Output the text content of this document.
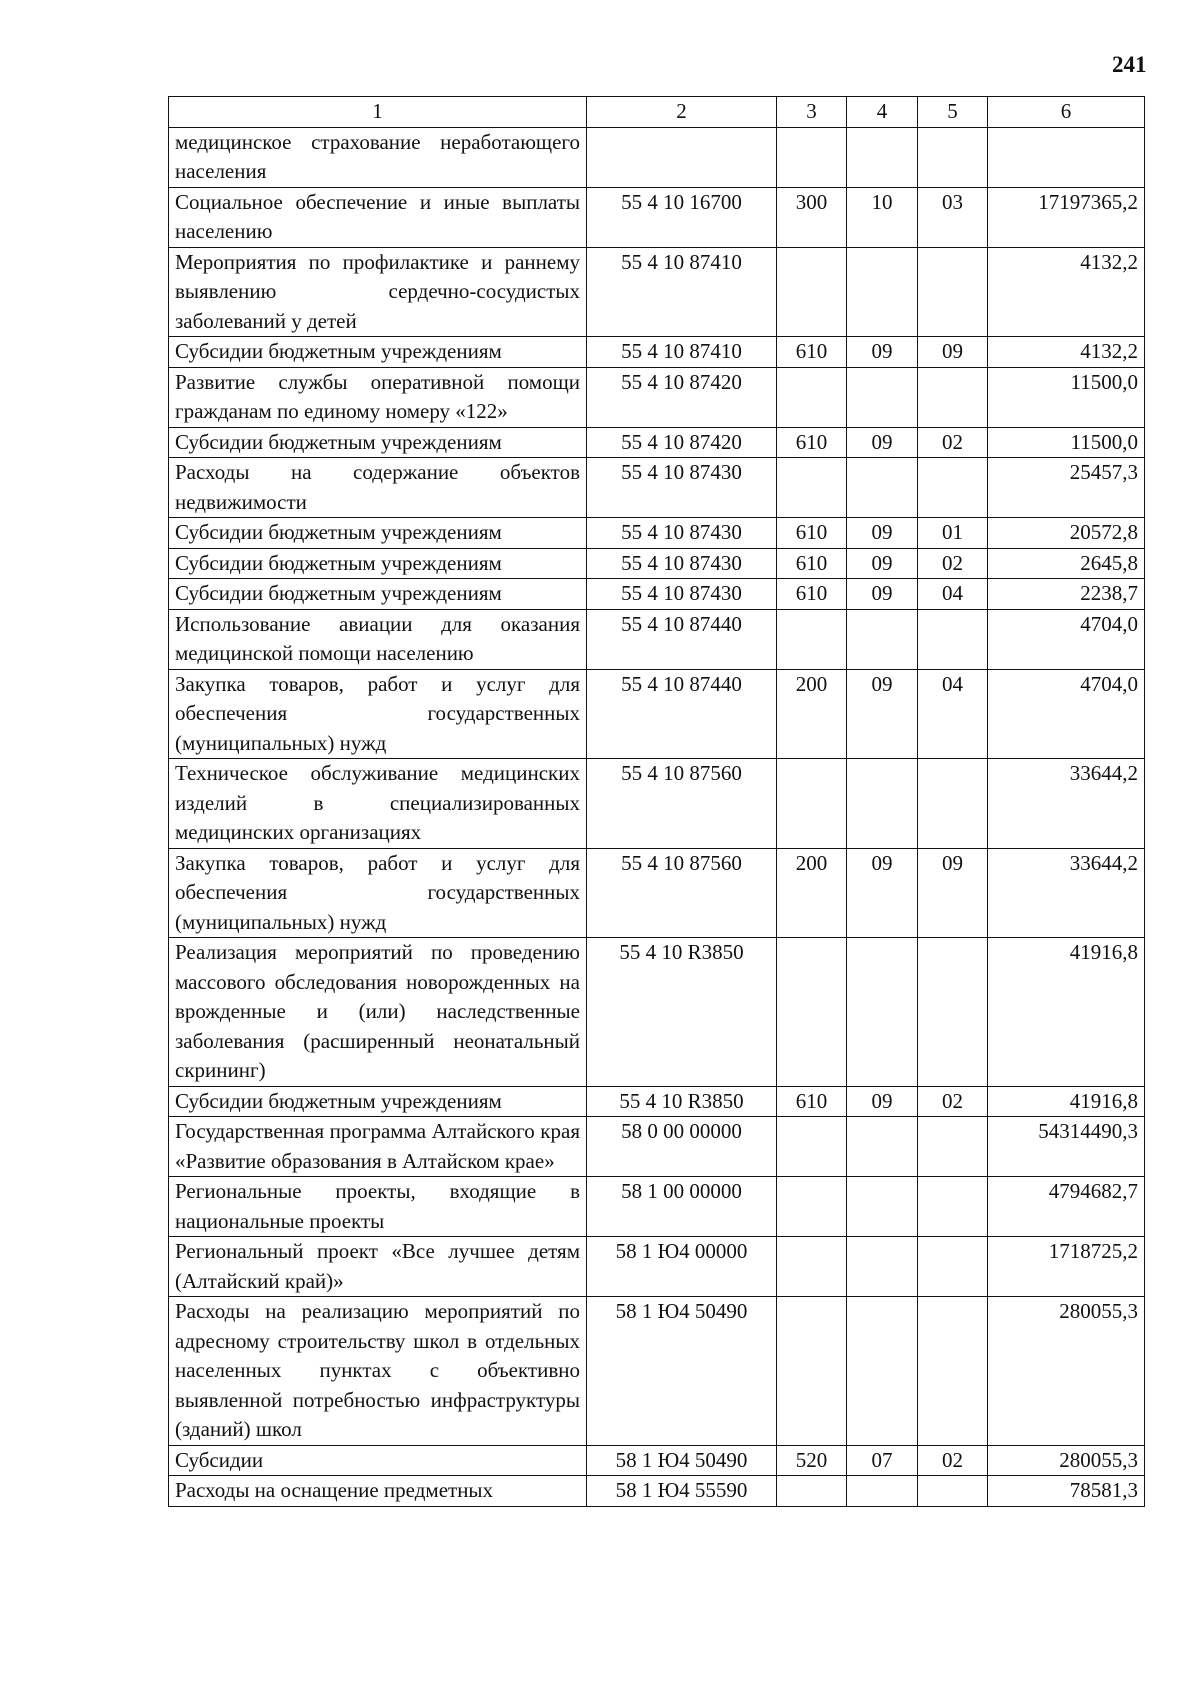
241
1	2	3	4	5	6
медицинское страхование неработающего населения					
Социальное обеспечение и иные выплаты населению	55 4 10 16700	300	10	03	17197365,2
Мероприятия по профилактике и раннему выявлению сердечно-сосудистых заболеваний у детей	55 4 10 87410				4132,2
Субсидии бюджетным учреждениям	55 4 10 87410	610	09	09	4132,2
Развитие службы оперативной помощи гражданам по единому номеру «122»	55 4 10 87420				11500,0
Субсидии бюджетным учреждениям	55 4 10 87420	610	09	02	11500,0
Расходы на содержание объектов недвижимости	55 4 10 87430				25457,3
Субсидии бюджетным учреждениям	55 4 10 87430	610	09	01	20572,8
Субсидии бюджетным учреждениям	55 4 10 87430	610	09	02	2645,8
Субсидии бюджетным учреждениям	55 4 10 87430	610	09	04	2238,7
Использование авиации для оказания медицинской помощи населению	55 4 10 87440				4704,0
Закупка товаров, работ и услуг для обеспечения государственных (муниципальных) нужд	55 4 10 87440	200	09	04	4704,0
Техническое обслуживание медицинских изделий в специализированных медицинских организациях	55 4 10 87560				33644,2
Закупка товаров, работ и услуг для обеспечения государственных (муниципальных) нужд	55 4 10 87560	200	09	09	33644,2
Реализация мероприятий по проведению массового обследования новорожденных на врожденные и (или) наследственные заболевания (расширенный неонатальный скрининг)	55 4 10 R3850				41916,8
Субсидии бюджетным учреждениям	55 4 10 R3850	610	09	02	41916,8
Государственная программа Алтайского края «Развитие образования в Алтайском крае»	58 0 00 00000				54314490,3
Региональные проекты, входящие в национальные проекты	58 1 00 00000				4794682,7
Региональный проект «Все лучшее детям (Алтайский край)»	58 1 Ю4 00000				1718725,2
Расходы на реализацию мероприятий по адресному строительству школ в отдельных населенных пунктах с объективно выявленной потребностью инфраструктуры (зданий) школ	58 1 Ю4 50490				280055,3
Субсидии	58 1 Ю4 50490	520	07	02	280055,3
Расходы на оснащение предметных	58 1 Ю4 55590				78581,3
